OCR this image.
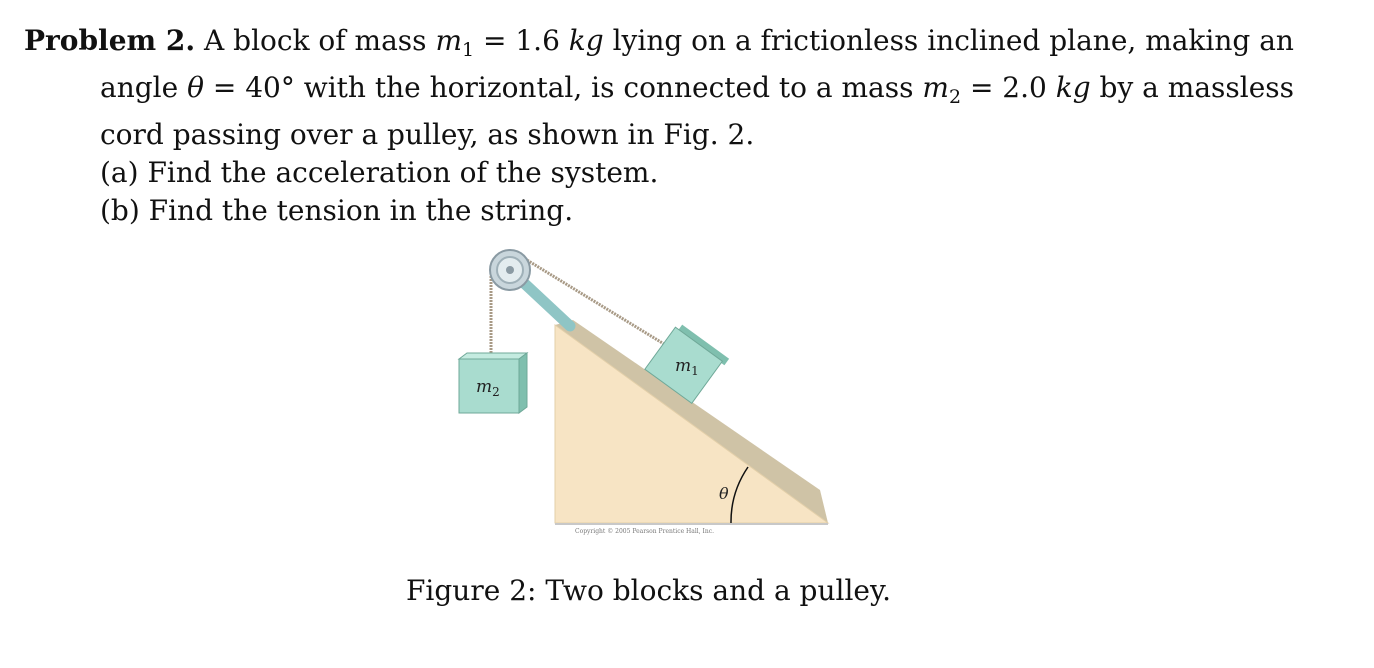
Problem 2. A block of mass $m_1 = 1.6$ kg lying on a frictionless inclined plane, making an
angle θ = 40° with the horizontal, is connected to a mass $m_2 = 2.0$ kg by a massless
cord passing over a pulley, as shown in Fig. 2.
(a) Find the acceleration of the system.
(b) Find the tension in the string.
$m_2$
$m_1$
θ
Copyright © 2005 Pearson Prentice Hall, Inc.
Figure 2: Two blocks and a pulley.
